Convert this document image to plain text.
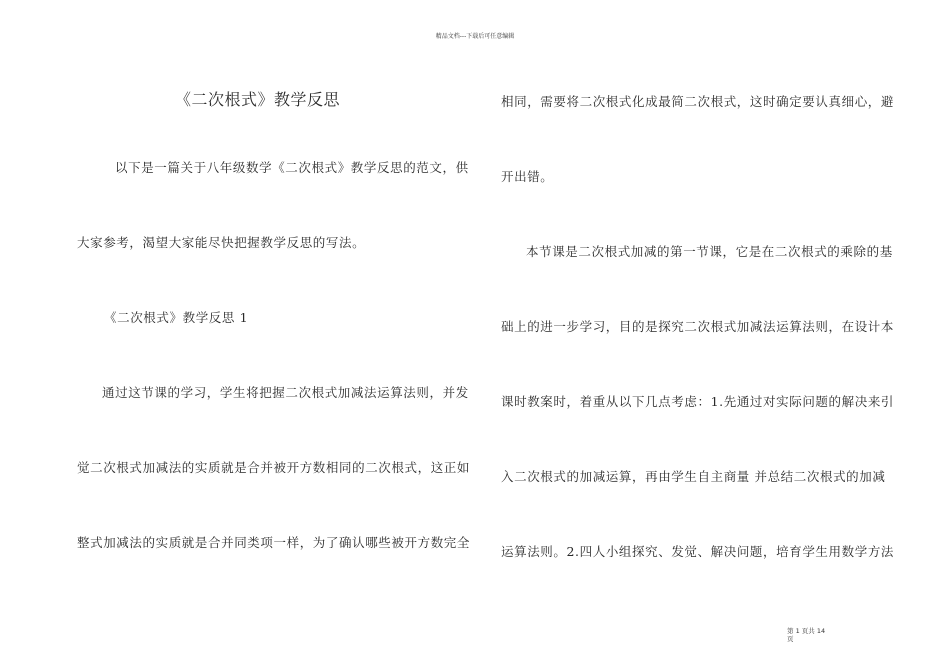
精品文档---下载后可任意编辑
《二次根式》教学反思
以下是一篇关于八年级数学《二次根式》教学反思的范文，供
大家参考，渴望大家能尽快把握教学反思的写法。
《二次根式》教学反思 1
通过这节课的学习，学生将把握二次根式加减法运算法则，并发
觉二次根式加减法的实质就是合并被开方数相同的二次根式，这正如
整式加减法的实质就是合并同类项一样，为了确认哪些被开方数完全
相同，需要将二次根式化成最简二次根式，这时确定要认真细心，避
开出错。
本节课是二次根式加减的第一节课，它是在二次根式的乘除的基
础上的进一步学习，目的是探究二次根式加减法运算法则，在设计本
课时教案时，着重从以下几点考虑：1.先通过对实际问题的解决来引
入二次根式的加减运算，再由学生自主商量 并总结二次根式的加减
运算法则。2.四人小组探究、发觉、解决问题，培育学生用数学方法
第 1 页共 14
页
